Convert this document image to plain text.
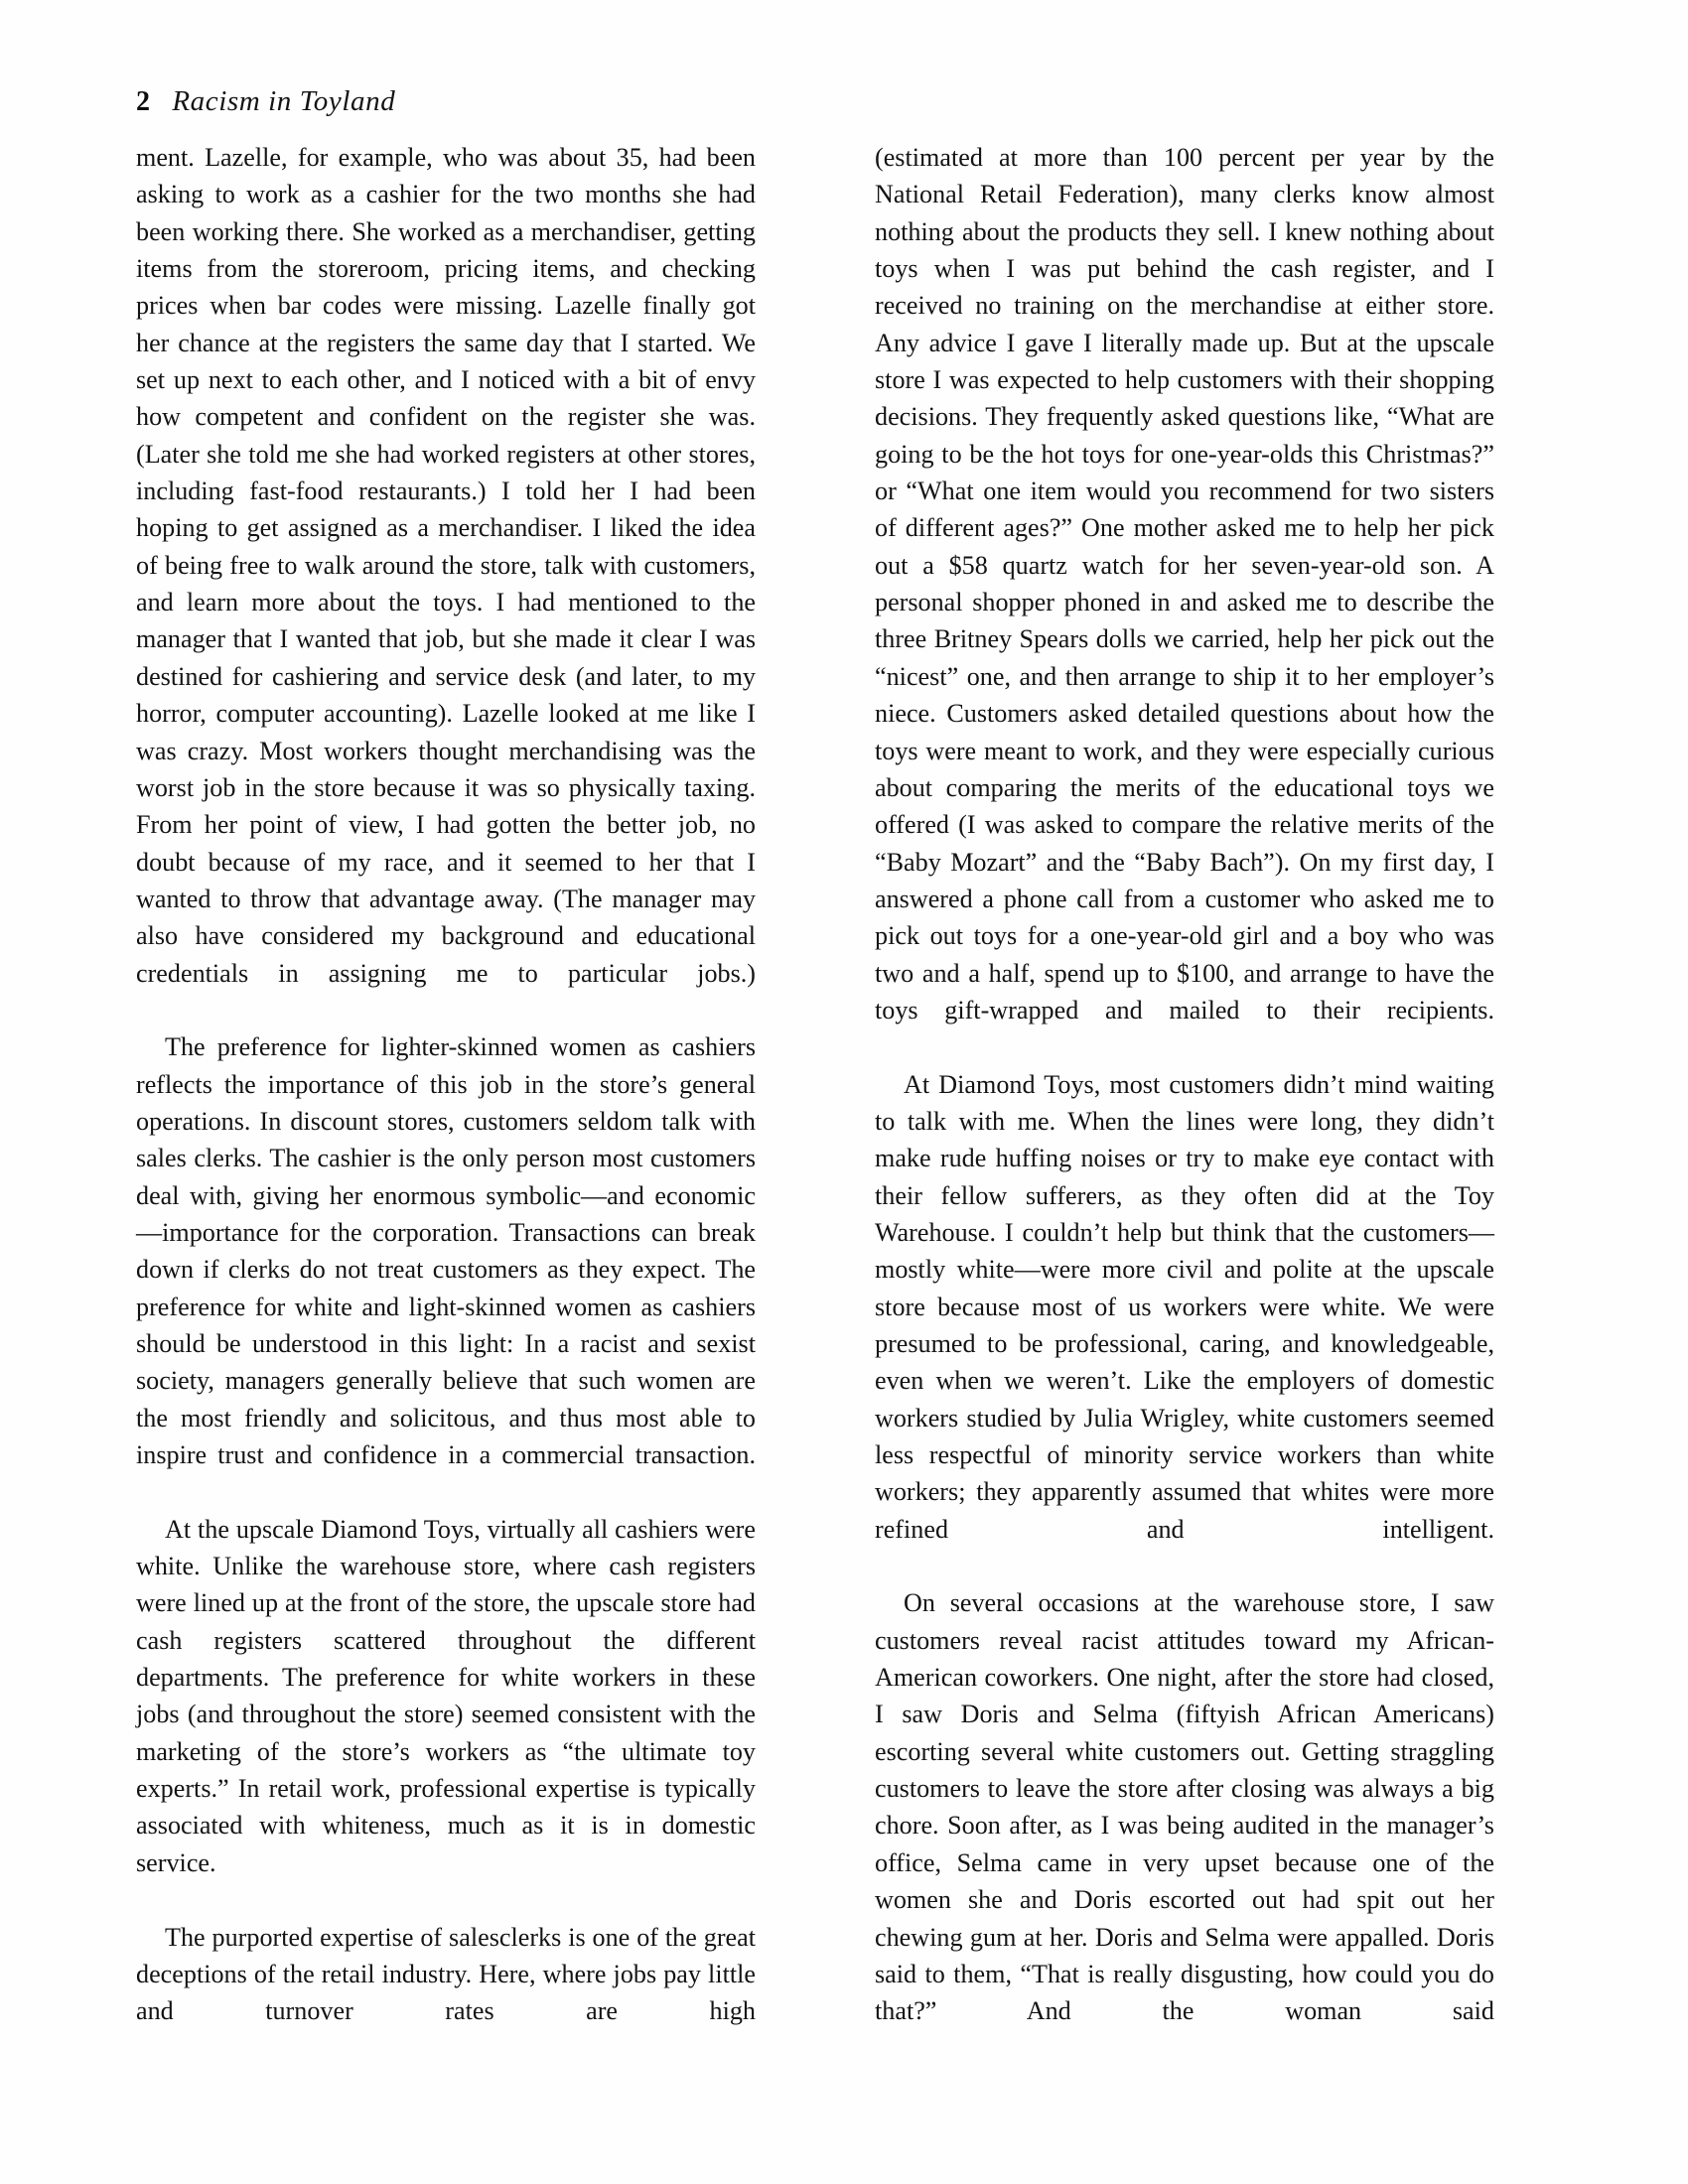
2 Racism in Toyland

ment. Lazelle, for example, who was about 35, had been asking to work as a cashier for the two months she had been working there. She worked as a merchandiser, getting items from the storeroom, pricing items, and checking prices when bar codes were missing. Lazelle finally got her chance at the registers the same day that I started. We set up next to each other, and I noticed with a bit of envy how competent and confident on the register she was. (Later she told me she had worked registers at other stores, including fast-food restaurants.) I told her I had been hoping to get assigned as a merchandiser. I liked the idea of being free to walk around the store, talk with customers, and learn more about the toys. I had mentioned to the manager that I wanted that job, but she made it clear I was destined for cashiering and service desk (and later, to my horror, computer accounting). Lazelle looked at me like I was crazy. Most workers thought merchandising was the worst job in the store because it was so physically taxing. From her point of view, I had gotten the better job, no doubt because of my race, and it seemed to her that I wanted to throw that advantage away. (The manager may also have considered my background and educational credentials in assigning me to particular jobs.)

The preference for lighter-skinned women as cashiers reflects the importance of this job in the store’s general operations. In discount stores, customers seldom talk with sales clerks. The cashier is the only person most customers deal with, giving her enormous symbolic—and economic—importance for the corporation. Transactions can break down if clerks do not treat customers as they expect. The preference for white and light-skinned women as cashiers should be understood in this light: In a racist and sexist society, managers generally believe that such women are the most friendly and solicitous, and thus most able to inspire trust and confidence in a commercial transaction.

At the upscale Diamond Toys, virtually all cashiers were white. Unlike the warehouse store, where cash registers were lined up at the front of the store, the upscale store had cash registers scattered throughout the different departments. The preference for white workers in these jobs (and throughout the store) seemed consistent with the marketing of the store’s workers as “the ultimate toy experts.” In retail work, professional expertise is typically associated with whiteness, much as it is in domestic service.

The purported expertise of salesclerks is one of the great deceptions of the retail industry. Here, where jobs pay little and turnover rates are high

(estimated at more than 100 percent per year by the National Retail Federation), many clerks know almost nothing about the products they sell. I knew nothing about toys when I was put behind the cash register, and I received no training on the merchandise at either store. Any advice I gave I literally made up. But at the upscale store I was expected to help customers with their shopping decisions. They frequently asked questions like, “What are going to be the hot toys for one-year-olds this Christmas?” or “What one item would you recommend for two sisters of different ages?” One mother asked me to help her pick out a $58 quartz watch for her seven-year-old son. A personal shopper phoned in and asked me to describe the three Britney Spears dolls we carried, help her pick out the “nicest” one, and then arrange to ship it to her employer’s niece. Customers asked detailed questions about how the toys were meant to work, and they were especially curious about comparing the merits of the educational toys we offered (I was asked to compare the relative merits of the “Baby Mozart” and the “Baby Bach”). On my first day, I answered a phone call from a customer who asked me to pick out toys for a one-year-old girl and a boy who was two and a half, spend up to $100, and arrange to have the toys gift-wrapped and mailed to their recipients.

At Diamond Toys, most customers didn’t mind waiting to talk with me. When the lines were long, they didn’t make rude huffing noises or try to make eye contact with their fellow sufferers, as they often did at the Toy Warehouse. I couldn’t help but think that the customers—mostly white—were more civil and polite at the upscale store because most of us workers were white. We were presumed to be professional, caring, and knowledgeable, even when we weren’t. Like the employers of domestic workers studied by Julia Wrigley, white customers seemed less respectful of minority service workers than white workers; they apparently assumed that whites were more refined and intelligent.

On several occasions at the warehouse store, I saw customers reveal racist attitudes toward my African-American coworkers. One night, after the store had closed, I saw Doris and Selma (fiftyish African Americans) escorting several white customers out. Getting straggling customers to leave the store after closing was always a big chore. Soon after, as I was being audited in the manager’s office, Selma came in very upset because one of the women she and Doris escorted out had spit out her chewing gum at her. Doris and Selma were appalled. Doris said to them, “That is really disgusting, how could you do that?” And the woman said
